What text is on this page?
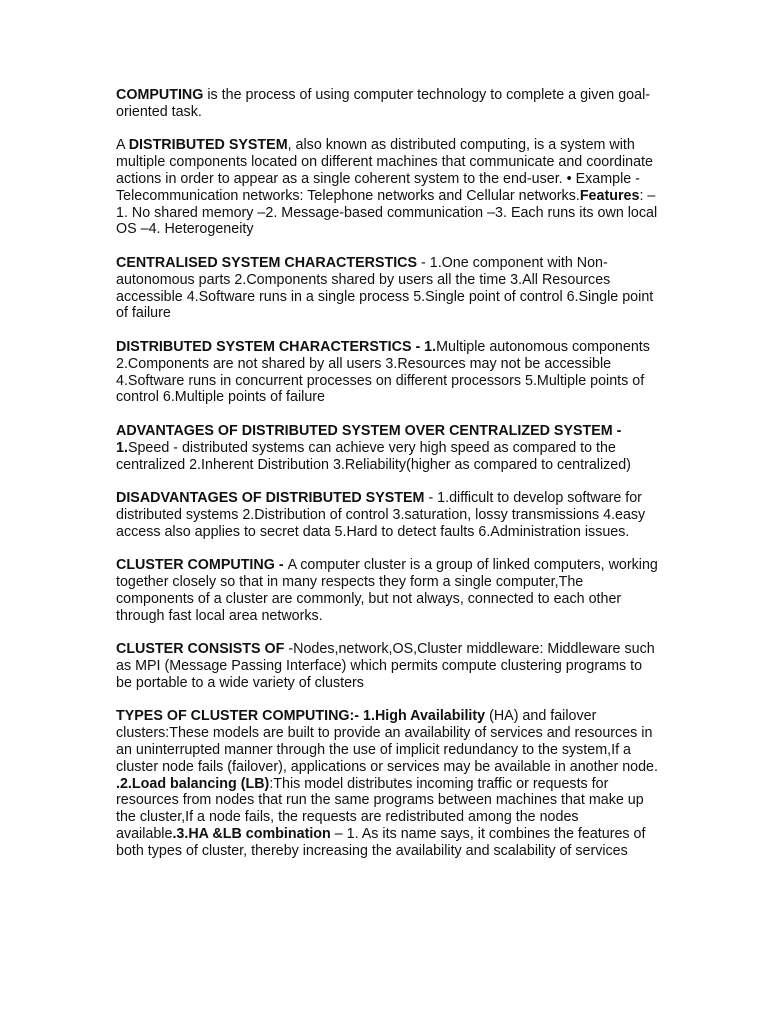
COMPUTING is the process of using computer technology to complete a given goal-oriented task.

A DISTRIBUTED SYSTEM, also known as distributed computing, is a system with multiple components located on different machines that communicate and coordinate actions in order to appear as a single coherent system to the end-user. • Example - Telecommunication networks: Telephone networks and Cellular networks.Features: –1. No shared memory –2. Message-based communication –3. Each runs its own local OS –4. Heterogeneity

CENTRALISED SYSTEM CHARACTERSTICS - 1.One component with Non-autonomous parts 2.Components shared by users all the time 3.All Resources accessible 4.Software runs in a single process 5.Single point of control 6.Single point of failure

DISTRIBUTED SYSTEM CHARACTERSTICS - 1.Multiple autonomous components 2.Components are not shared by all users 3.Resources may not be accessible 4.Software runs in concurrent processes on different processors 5.Multiple points of control 6.Multiple points of failure

ADVANTAGES OF DISTRIBUTED SYSTEM OVER CENTRALIZED SYSTEM - 1.Speed - distributed systems can achieve very high speed as compared to the centralized 2.Inherent Distribution 3.Reliability(higher as compared to centralized)

DISADVANTAGES OF DISTRIBUTED SYSTEM - 1.difficult to develop software for distributed systems 2.Distribution of control 3.saturation, lossy transmissions 4.easy access also applies to secret data 5.Hard to detect faults 6.Administration issues.

CLUSTER COMPUTING - A computer cluster is a group of linked computers, working together closely so that in many respects they form a single computer,The components of a cluster are commonly, but not always, connected to each other through fast local area networks.

CLUSTER CONSISTS OF -Nodes,network,OS,Cluster middleware: Middleware such as MPI (Message Passing Interface) which permits compute clustering programs to be portable to a wide variety of clusters

TYPES OF CLUSTER COMPUTING:- 1.High Availability (HA) and failover clusters:These models are built to provide an availability of services and resources in an uninterrupted manner through the use of implicit redundancy to the system,If a cluster node fails (failover), applications or services may be available in another node. .2.Load balancing (LB):This model distributes incoming traffic or requests for resources from nodes that run the same programs between machines that make up the cluster,If a node fails, the requests are redistributed among the nodes available.3.HA &LB combination – 1. As its name says, it combines the features of both types of cluster, thereby increasing the availability and scalability of services
